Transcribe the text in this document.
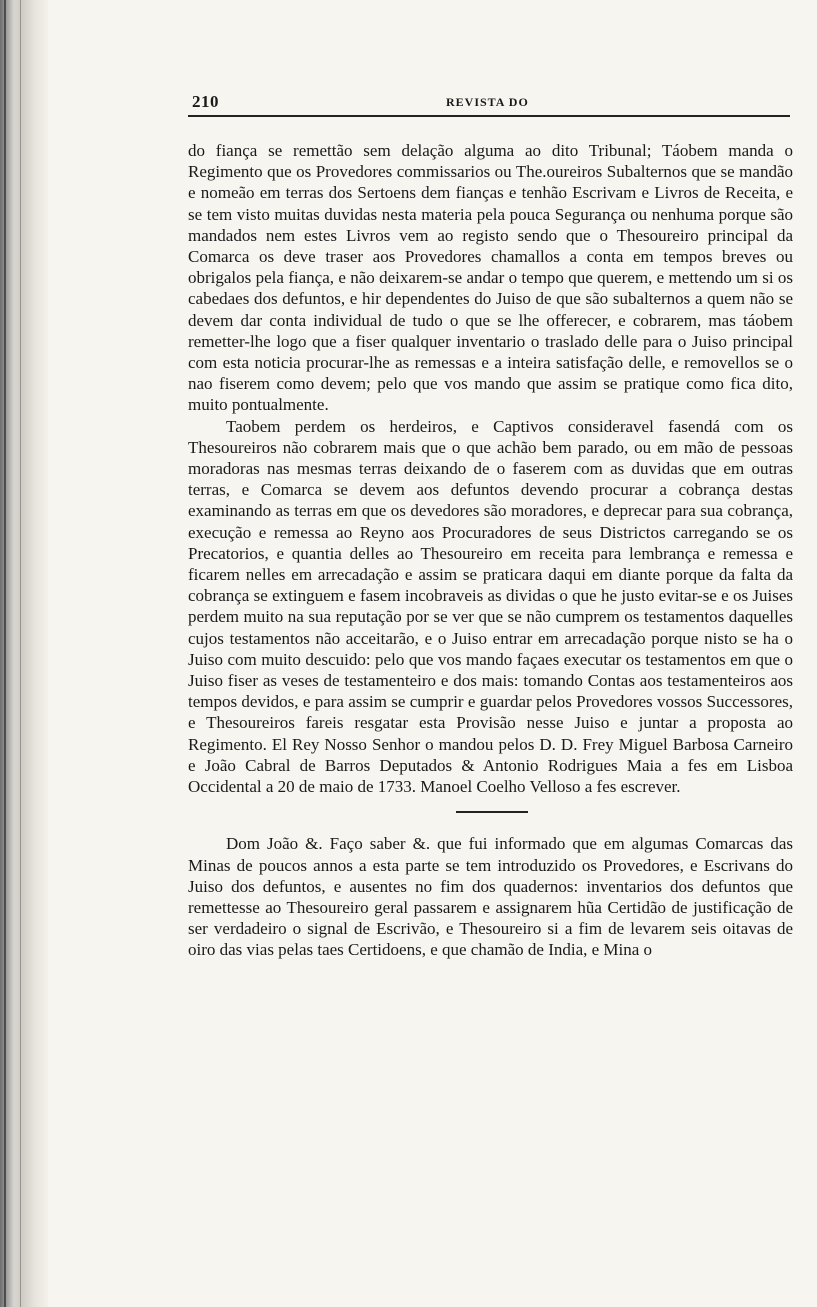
210	REVISTA DO

do fiança se remettão sem delação alguma ao dito Tribunal; Táobem manda o Regimento que os Provedores commissarios ou The.oureiros Subalternos que se mandão e nomeão em terras dos Sertoens dem fianças e tenhão Escrivam e Livros de Receita, e se tem visto muitas duvidas nesta materia pela pouca Segurança ou nenhuma porque são mandados nem estes Livros vem ao registo sendo que o Thesoureiro principal da Comarca os deve traser aos Provedores chamallos a conta em tempos breves ou obrigalos pela fiança, e não deixarem-se andar o tempo que querem, e mettendo um si os cabedaes dos defuntos, e hir dependentes do Juiso de que são subalternos a quem não se devem dar conta individual de tudo o que se lhe offerecer, e cobrarem, mas táobem remetter-lhe logo que a fiser qualquer inventario o traslado delle para o Juiso principal com esta noticia procurar-lhe as remessas e a inteira satisfação delle, e removellos se o nao fiserem como devem; pelo que vos mando que assim se pratique como fica dito, muito pontualmente.

Taobem perdem os herdeiros, e Captivos consideravel fasendá com os Thesoureiros não cobrarem mais que o que achão bem parado, ou em mão de pessoas moradoras nas mesmas terras deixando de o faserem com as duvidas que em outras terras, e Comarca se devem aos defuntos devendo procurar a cobrança destas examinando as terras em que os devedores são moradores, e deprecar para sua cobrança, execução e remessa ao Reyno aos Procuradores de seus Districtos carregando se os Precatorios, e quantia delles ao Thesoureiro em receita para lembrança e remessa e ficarem nelles em arrecadação e assim se praticara daqui em diante porque da falta da cobrança se extinguem e fasem incobraveis as dividas o que he justo evitar-se e os Juises perdem muito na sua reputação por se ver que se não cumprem os testamentos daquelles cujos testamentos não acceitarão, e o Juiso entrar em arrecadação porque nisto se ha o Juiso com muito descuido: pelo que vos mando façaes executar os testamentos em que o Juiso fiser as veses de testamenteiro e dos mais: tomando Contas aos testamenteiros aos tempos devidos, e para assim se cumprir e guardar pelos Provedores vossos Successores, e Thesoureiros fareis resgatar esta Provisão nesse Juiso e juntar a proposta ao Regimento. El Rey Nosso Senhor o mandou pelos D. D. Frey Miguel Barbosa Carneiro e João Cabral de Barros Deputados & Antonio Rodrigues Maia a fes em Lisboa Occidental a 20 de maio de 1733. Manoel Coelho Velloso a fes escrever.

Dom João &. Faço saber &. que fui informado que em algumas Comarcas das Minas de poucos annos a esta parte se tem introduzido os Provedores, e Escrivans do Juiso dos defuntos, e ausentes no fim dos quadernos: inventarios dos defuntos que remettesse ao Thesoureiro geral passarem e assignarem hũa Certidão de justificação de ser verdadeiro o signal de Escrivão, e Thesoureiro si a fim de levarem seis oitavas de oiro das vias pelas taes Certidoens, e que chamão de India, e Mina o
